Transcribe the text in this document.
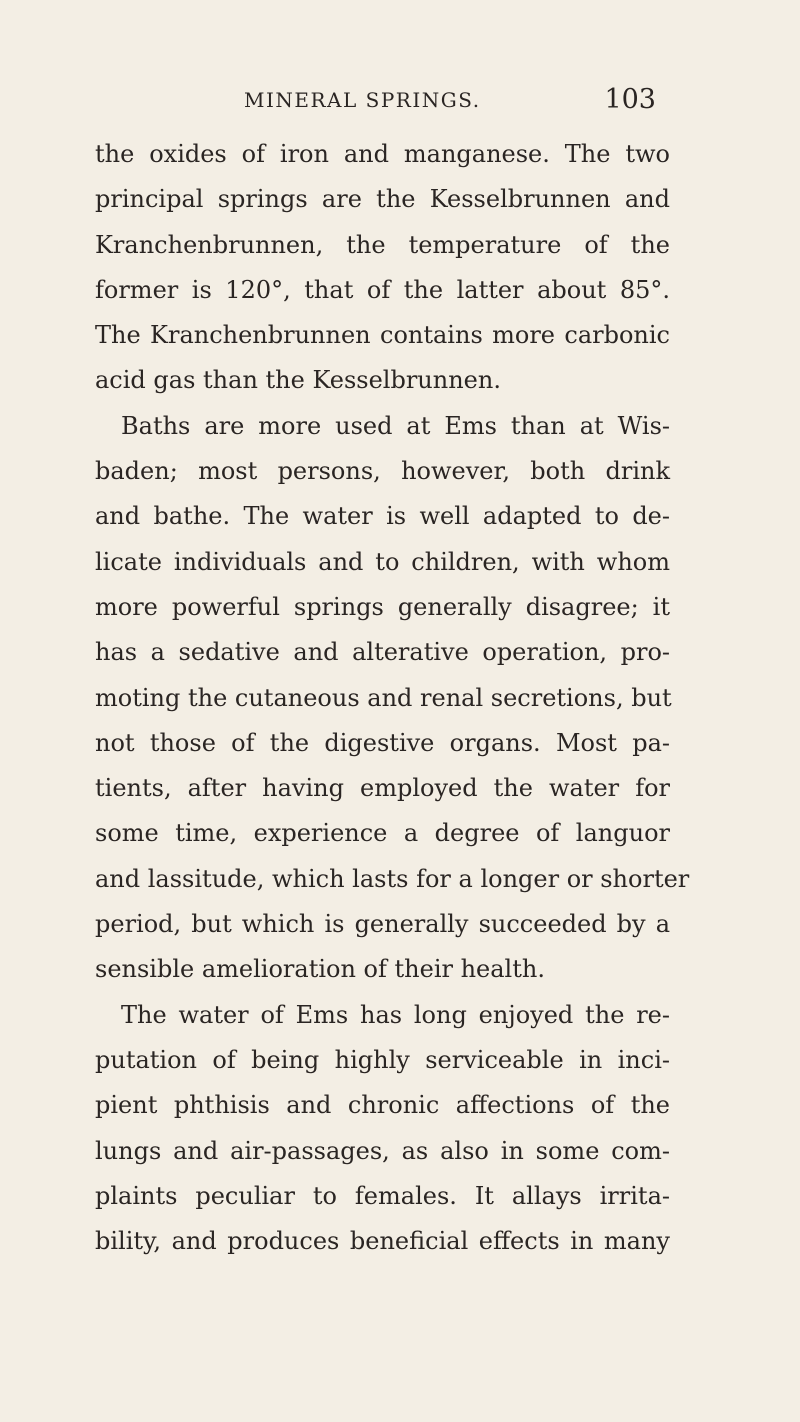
MINERAL SPRINGS.	103
the oxides of iron and manganese. The two
principal springs are the Kesselbrunnen and
Kranchenbrunnen, the temperature of the
former is 120°, that of the latter about 85°.
The Kranchenbrunnen contains more carbonic
acid gas than the Kesselbrunnen.
Baths are more used at Ems than at Wis-
baden; most persons, however, both drink
and bathe. The water is well adapted to de-
licate individuals and to children, with whom
more powerful springs generally disagree; it
has a sedative and alterative operation, pro-
moting the cutaneous and renal secretions, but
not those of the digestive organs. Most pa-
tients, after having employed the water for
some time, experience a degree of languor
and lassitude, which lasts for a longer or shorter
period, but which is generally succeeded by a
sensible amelioration of their health.
The water of Ems has long enjoyed the re-
putation of being highly serviceable in inci-
pient phthisis and chronic affections of the
lungs and air-passages, as also in some com-
plaints peculiar to females. It allays irrita-
bility, and produces beneficial effects in many
